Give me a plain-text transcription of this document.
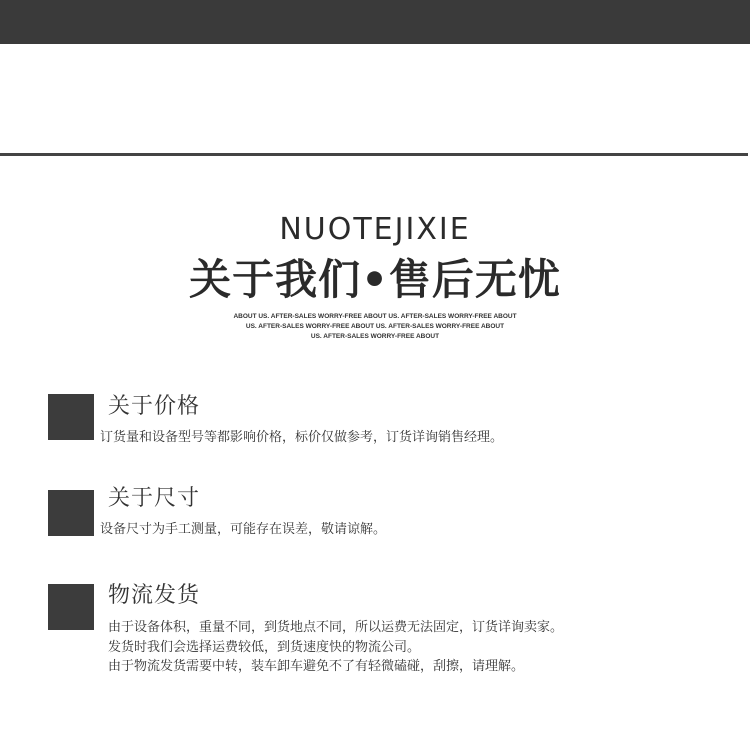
NUOTEJIXIE
关于我们•售后无忧
ABOUT US. AFTER-SALES WORRY-FREE ABOUT US. AFTER-SALES WORRY-FREE ABOUT
US. AFTER-SALES WORRY-FREE ABOUT US. AFTER-SALES WORRY-FREE ABOUT
US. AFTER-SALES WORRY-FREE ABOUT
关于价格
订货量和设备型号等都影响价格，标价仅做参考，订货详询销售经理。
关于尺寸
设备尺寸为手工测量，可能存在误差，敬请谅解。
物流发货
由于设备体积，重量不同，到货地点不同，所以运费无法固定，订货详询卖家。
发货时我们会选择运费较低，到货速度快的物流公司。
由于物流发货需要中转，装车卸车避免不了有轻微磕碰，刮擦，请理解。
